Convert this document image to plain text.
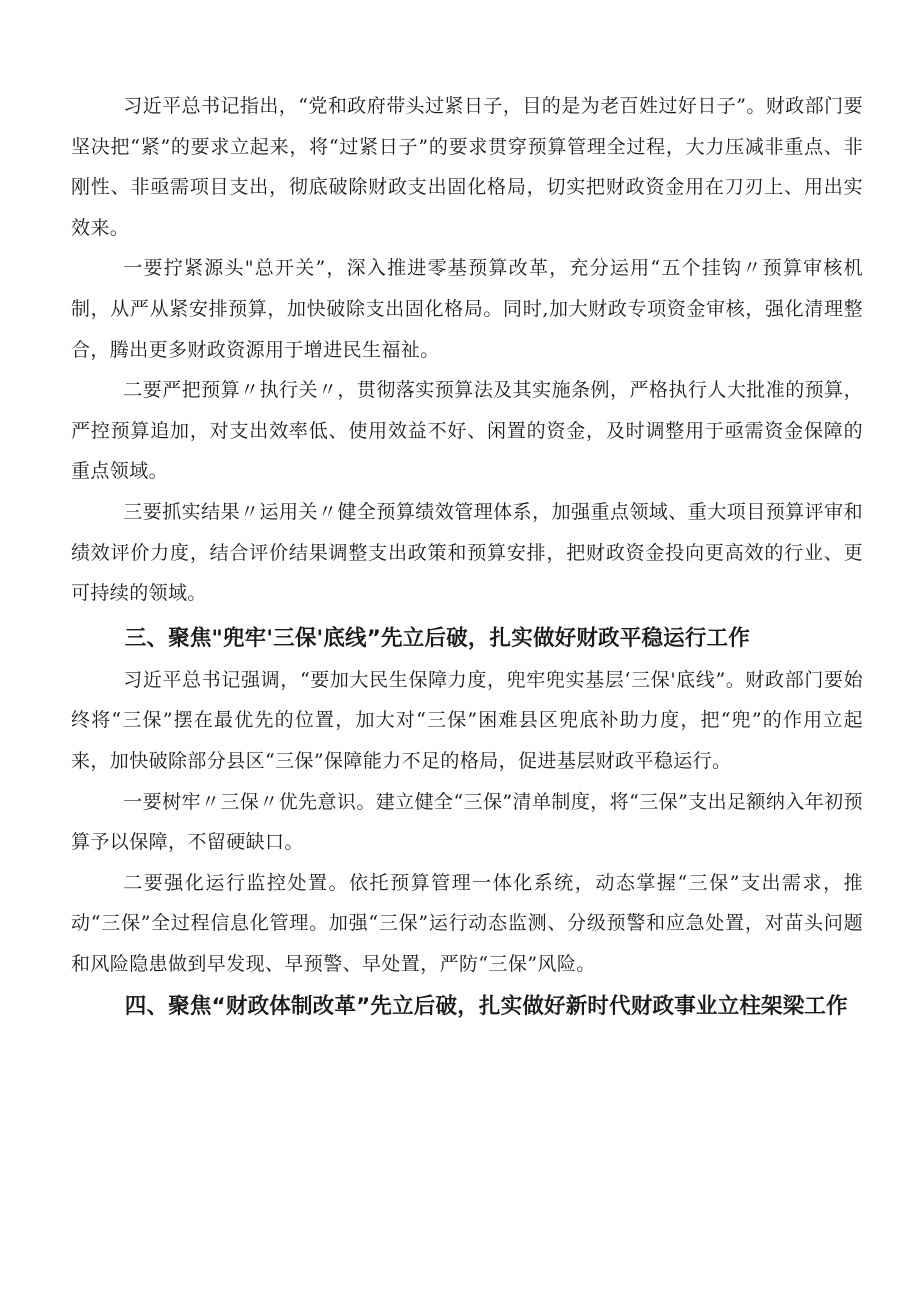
习近平总书记指出，“党和政府带头过紧日子，目的是为老百姓过好日子”。财政部门要坚决把“紧”的要求立起来，将“过紧日子”的要求贯穿预算管理全过程，大力压减非重点、非刚性、非亟需项目支出，彻底破除财政支出固化格局，切实把财政资金用在刀刃上、用出实效来。

一要拧紧源头"总开关”，深入推进零基预算改革，充分运用“五个挂钩〃预算审核机制，从严从紧安排预算，加快破除支出固化格局。同时,加大财政专项资金审核，强化清理整合，腾出更多财政资源用于增进民生福祉。

二要严把预算〃执行关〃，贯彻落实预算法及其实施条例，严格执行人大批准的预算，严控预算追加，对支出效率低、使用效益不好、闲置的资金，及时调整用于亟需资金保障的重点领域。

三要抓实结果〃运用关〃健全预算绩效管理体系，加强重点领域、重大项目预算评审和绩效评价力度，结合评价结果调整支出政策和预算安排，把财政资金投向更高效的行业、更可持续的领域。

三、聚焦"兜牢'三保'底线”先立后破，扎实做好财政平稳运行工作

习近平总书记强调，“要加大民生保障力度，兜牢兜实基层‘三保'底线”。财政部门要始终将“三保”摆在最优先的位置，加大对“三保”困难县区兜底补助力度，把“兜”的作用立起来，加快破除部分县区“三保”保障能力不足的格局，促进基层财政平稳运行。

一要树牢〃三保〃优先意识。建立健全“三保”清单制度，将“三保”支出足额纳入年初预算予以保障，不留硬缺口。

二要强化运行监控处置。依托预算管理一体化系统，动态掌握“三保”支出需求，推动“三保”全过程信息化管理。加强“三保”运行动态监测、分级预警和应急处置，对苗头问题和风险隐患做到早发现、早预警、早处置，严防“三保”风险。

四、聚焦“财政体制改革”先立后破，扎实做好新时代财政事业立柱架梁工作
